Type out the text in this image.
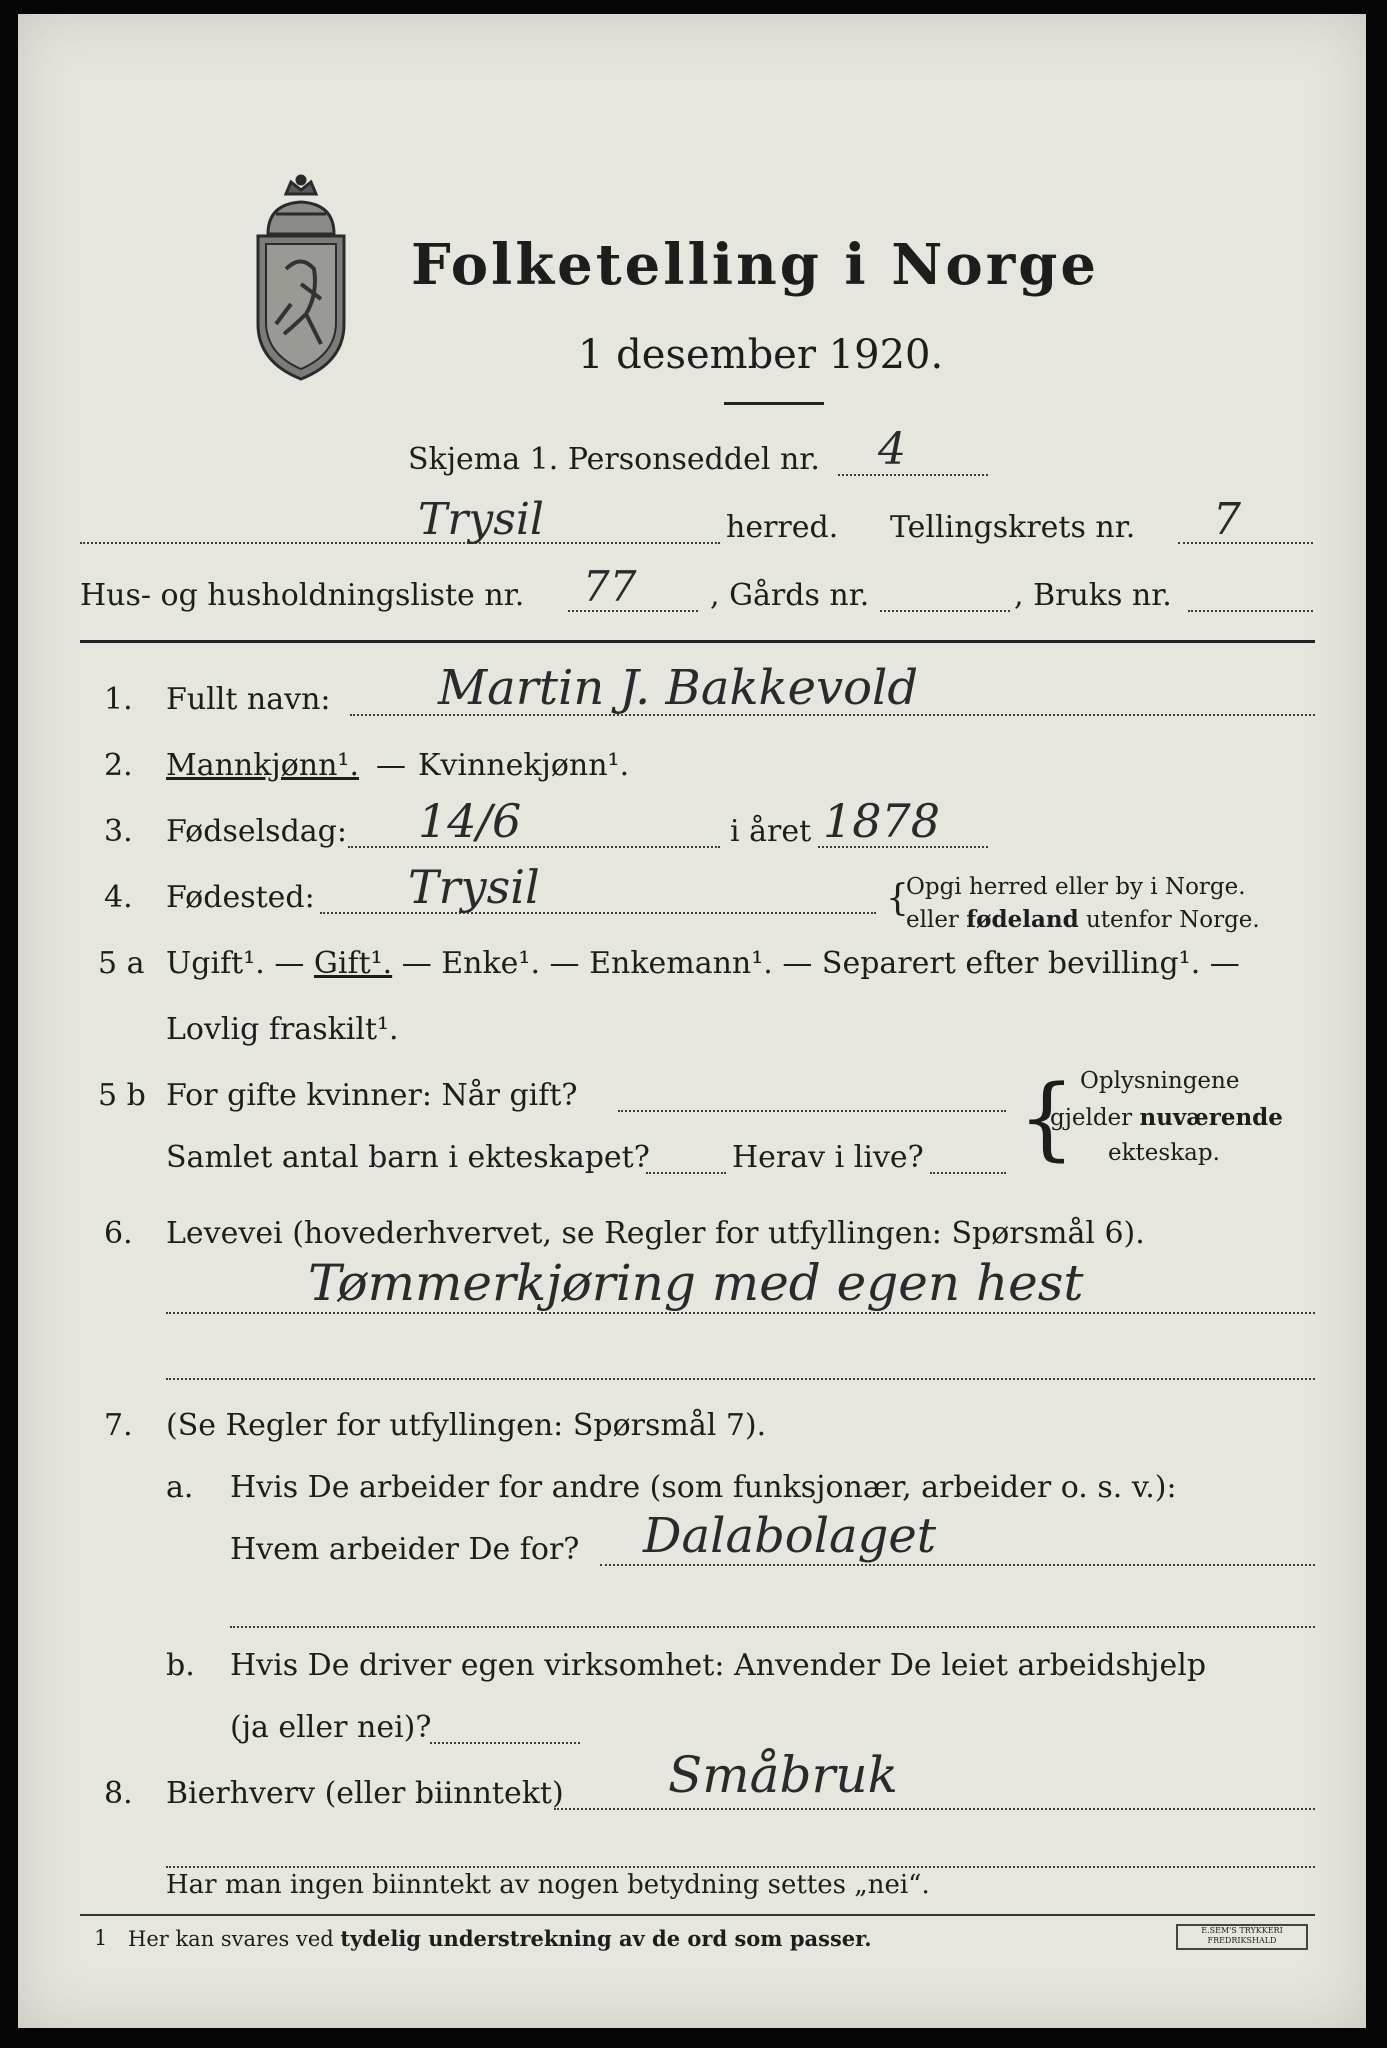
Folketelling i Norge
1 desember 1920.
Skjema 1. Personseddel nr. 4
Trysil	herred. Tellingskrets nr. 7
Hus- og husholdningsliste nr. 77 , Gårds nr.	, Bruks nr.
1. Fullt navn: Martin J. Bakkevold
2. Mannkjønn¹. — Kvinnekjønn¹.
3. Fødselsdag: 14/6	i året 1878
4. Fødested: Trysil	{
Opgi herred eller by i Norge.
eller fødeland utenfor Norge.
5 a Ugift¹. — Gift¹. — Enke¹. — Enkemann¹. — Separert efter bevilling¹. —
Lovlig fraskilt¹.
5 b For gifte kvinner: Når gift?
Samlet antal barn i ekteskapet?	Herav i live? { Oplysningene
gjelder nuværende
ekteskap.
6. Levevei (hovederhvervet, se Regler for utfyllingen: Spørsmål 6).
Tømmerkjøring med egen hest
7. (Se Regler for utfyllingen: Spørsmål 7).
a. Hvis De arbeider for andre (som funksjonær, arbeider o. s. v.):
Hvem arbeider De for? Dalabolaget
b. Hvis De driver egen virksomhet: Anvender De leiet arbeidshjelp
(ja eller nei)?
8. Bierhverv (eller biinntekt) Småbruk
Har man ingen biinntekt av nogen betydning settes „nei“.
1 Her kan svares ved tydelig understrekning av de ord som passer.	E.SEM'S TRYKKERI FREDRIKSHALD
